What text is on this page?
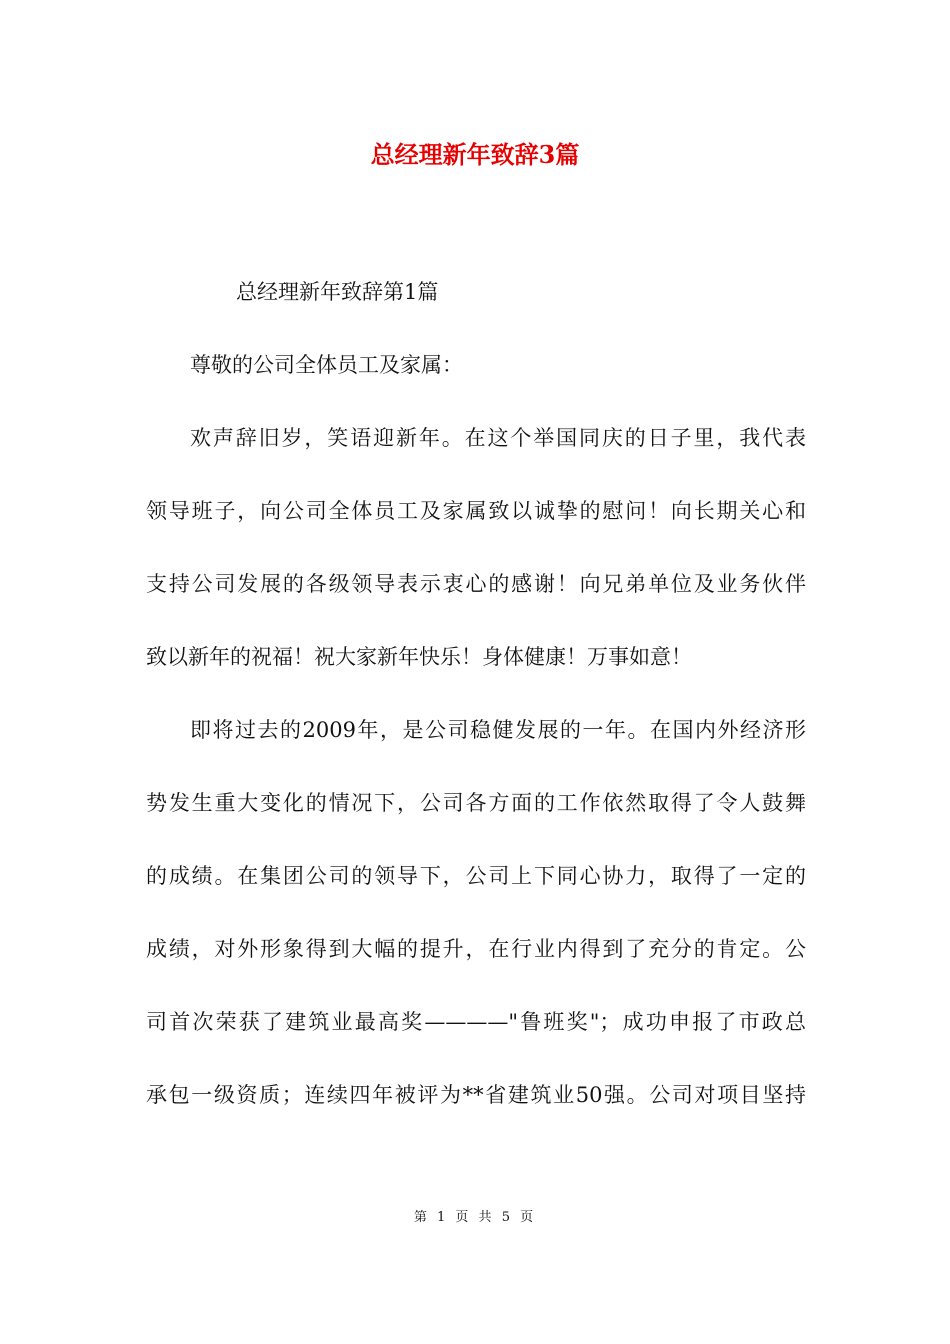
总经理新年致辞3篇

总经理新年致辞第1篇

尊敬的公司全体员工及家属：

欢声辞旧岁，笑语迎新年。在这个举国同庆的日子里，我代表

领导班子，向公司全体员工及家属致以诚挚的慰问！向长期关心和

支持公司发展的各级领导表示衷心的感谢！向兄弟单位及业务伙伴

致以新年的祝福！祝大家新年快乐！身体健康！万事如意！

即将过去的2009年，是公司稳健发展的一年。在国内外经济形

势发生重大变化的情况下，公司各方面的工作依然取得了令人鼓舞

的成绩。在集团公司的领导下，公司上下同心协力，取得了一定的

成绩，对外形象得到大幅的提升，在行业内得到了充分的肯定。公

司首次荣获了建筑业最高奖————"鲁班奖"；成功申报了市政总

承包一级资质；连续四年被评为**省建筑业50强。公司对项目坚持

第 1 页 共 5 页
